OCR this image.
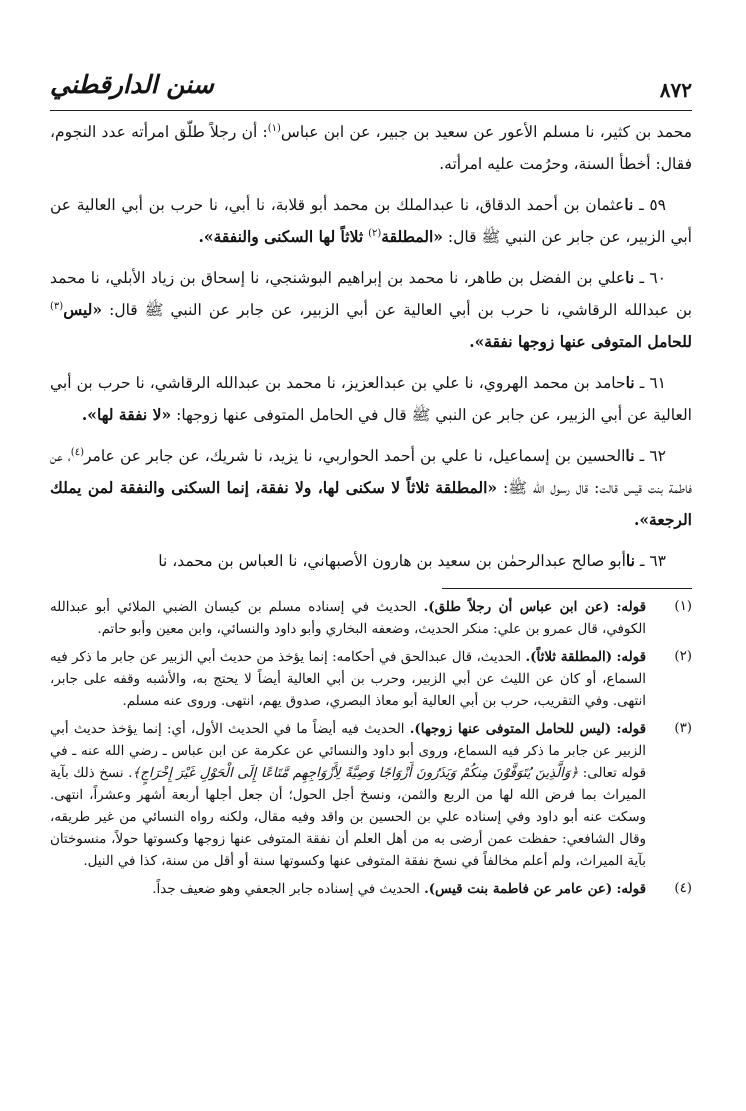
٨٧٢
سنن الدارقطني

محمد بن كثير، نا مسلم الأعور عن سعيد بن جبير، عن ابن عباس$^{(١)}$: أن رجلاً طلّق امرأته عدد النجوم، فقال: أخطأ السنة، وحرُمت عليه امرأته.

٥٩ ـ ناعثمان بن أحمد الدقاق، نا عبدالملك بن محمد أبو قلابة، نا أبي، نا حرب بن أبي العالية عن أبي الزبير، عن جابر عن النبي ﷺ قال: «المطلقة$^{(٢)}$ ثلاثاً لها السكنى والنفقة».

٦٠ ـ ناعلي بن الفضل بن طاهر، نا محمد بن إبراهيم البوشنجي، نا إسحاق بن زياد الأبلي، نا محمد بن عبدالله الرقاشي، نا حرب بن أبي العالية عن أبي الزبير، عن جابر عن النبي ﷺ قال: «ليس$^{(٣)}$ للحامل المتوفى عنها زوجها نفقة».

٦١ ـ ناحامد بن محمد الهروي، نا علي بن عبدالعزيز، نا محمد بن عبدالله الرقاشي، نا حرب بن أبي العالية عن أبي الزبير، عن جابر عن النبي ﷺ قال في الحامل المتوفى عنها زوجها: «لا نفقة لها».

٦٢ ـ ناالحسين بن إسماعيل، نا علي بن أحمد الحواربي، نا يزيد، نا شريك، عن جابر عن عامر$^{(٤)}$، عن فاطمة بنت قيس قالت: قال رسول الله ﷺ: «المطلقة ثلاثاً لا سكنى لها، ولا نفقة، إنما السكنى والنفقة لمن يملك الرجعة».

٦٣ ـ ناأبو صالح عبدالرحمٰن بن سعيد بن هارون الأصبهاني، نا العباس بن محمد، نا

(١)
قوله: (عن ابن عباس أن رجلاً طلق). الحديث في إسناده مسلم بن كيسان الضبي الملائي أبو عبدالله الكوفي، قال عمرو بن علي: منكر الحديث، وضعفه البخاري وأبو داود والنسائي، وابن معين وأبو حاتم.
(٢)
قوله: (المطلقة ثلاثاً). الحديث، قال عبدالحق في أحكامه: إنما يؤخذ من حديث أبي الزبير عن جابر ما ذكر فيه السماع، أو كان عن الليث عن أبي الزبير، وحرب بن أبي العالية أيضاً لا يحتج به، والأشبه وقفه على جابر، انتهى. وفي التقريب، حرب بن أبي العالية أبو معاذ البصري، صدوق يهم، انتهى. وروى عنه مسلم.
(٣)
قوله: (ليس للحامل المتوفى عنها زوجها). الحديث فيه أيضاً ما في الحديث الأول، أي: إنما يؤخذ حديث أبي الزبير عن جابر ما ذكر فيه السماع، وروى أبو داود والنسائي عن عكرمة عن ابن عباس ـ رضي الله عنه ـ في قوله تعالى: ﴿وَالَّذِينَ يُتَوَفَّوْنَ مِنكُمْ وَيَذَرُونَ أَزْوَاجًا وَصِيَّةً لِأَزْوَاجِهِم مَّتَاعًا إِلَى الْحَوْلِ غَيْرَ إِخْرَاجٍ﴾. نسخ ذلك بآية الميراث بما فرض الله لها من الربع والثمن، ونسخ أجل الحول؛ أن جعل أجلها أربعة أشهر وعشراً، انتهى. وسكت عنه أبو داود وفي إسناده علي بن الحسين بن واقد وفيه مقال، ولكنه رواه النسائي من غير طريقه، وقال الشافعي: حفظت عمن أرضى به من أهل العلم أن نفقة المتوفى عنها زوجها وكسوتها حولاً، منسوختان بآية الميراث، ولم أعلم مخالفاً في نسخ نفقة المتوفى عنها وكسوتها سنة أو أقل من سنة، كذا في النيل.
(٤)
قوله: (عن عامر عن فاطمة بنت قيس). الحديث في إسناده جابر الجعفي وهو ضعيف جداً.
